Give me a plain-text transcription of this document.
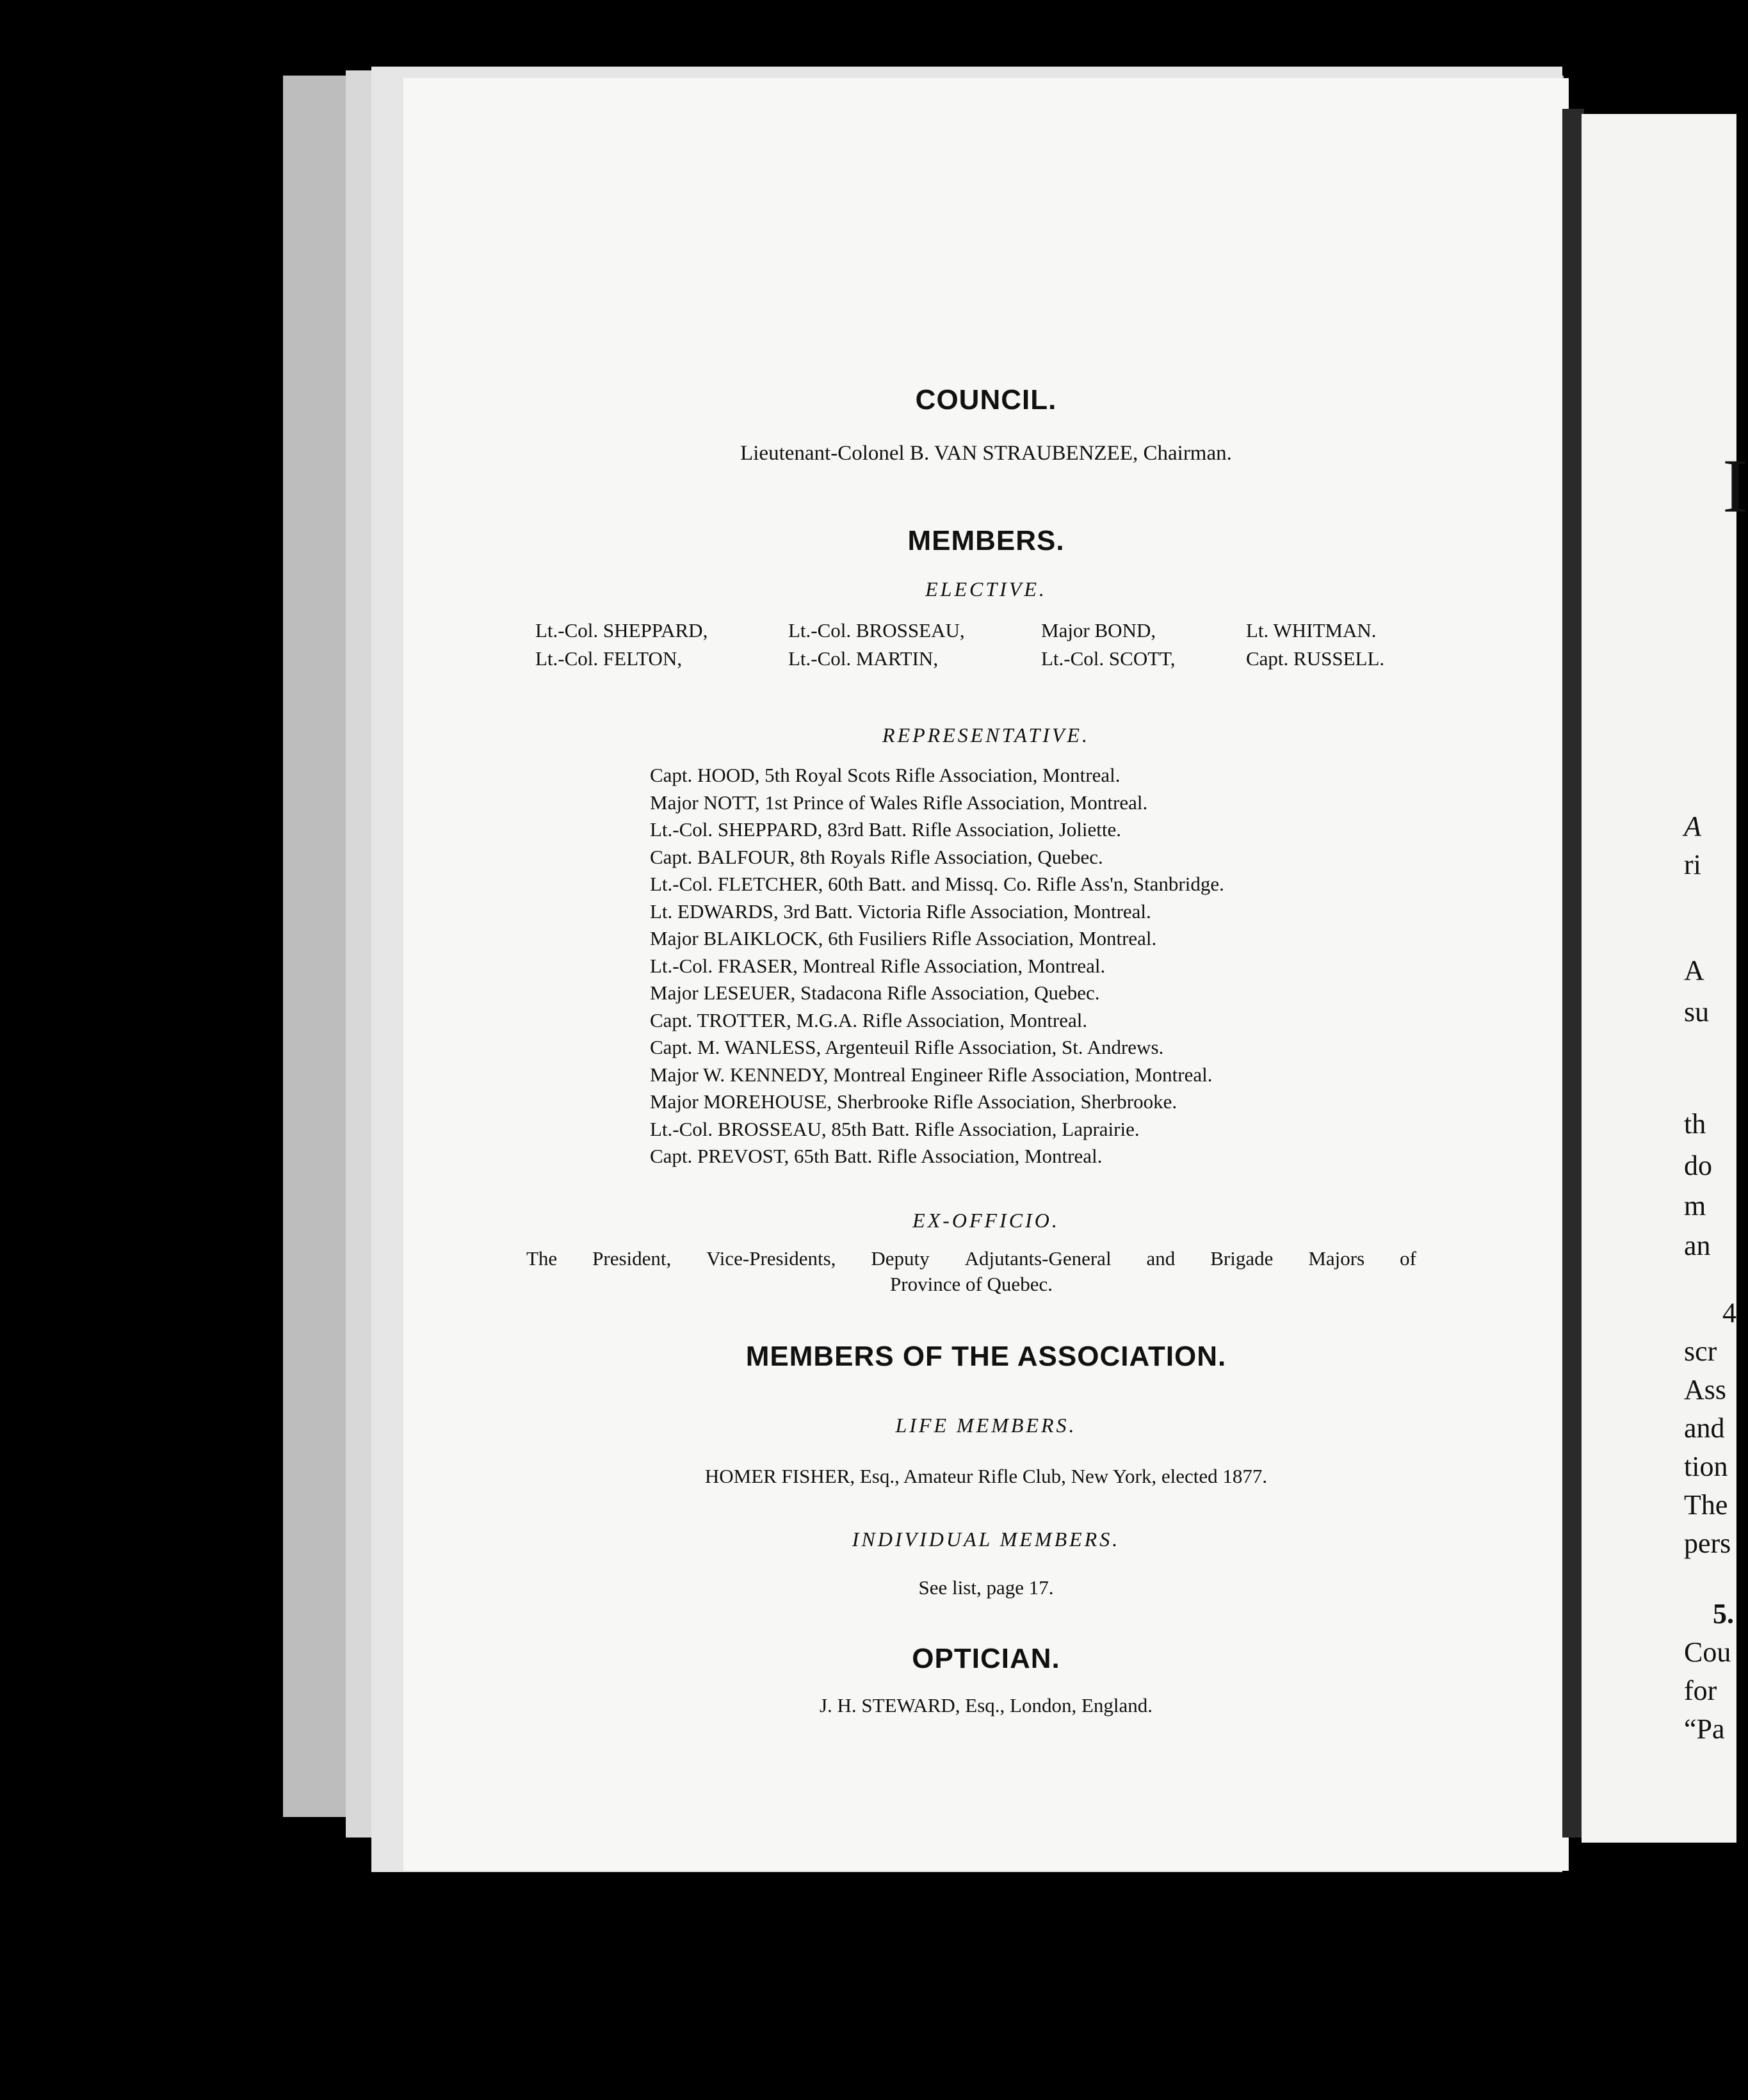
COUNCIL.
Lieutenant-Colonel B. VAN STRAUBENZEE, Chairman.
MEMBERS.
ELECTIVE.
Lt.-Col. SHEPPARD,	Lt.-Col. BROSSEAU,	Major BOND,	Lt. WHITMAN.
Lt.-Col. FELTON,	Lt.-Col. MARTIN,	Lt.-Col. SCOTT,	Capt. RUSSELL.
REPRESENTATIVE.
Capt. HOOD, 5th Royal Scots Rifle Association, Montreal.
Major NOTT, 1st Prince of Wales Rifle Association, Montreal.
Lt.-Col. SHEPPARD, 83rd Batt. Rifle Association, Joliette.
Capt. BALFOUR, 8th Royals Rifle Association, Quebec.
Lt.-Col. FLETCHER, 60th Batt. and Missq. Co. Rifle Ass'n, Stanbridge.
Lt. EDWARDS, 3rd Batt. Victoria Rifle Association, Montreal.
Major BLAIKLOCK, 6th Fusiliers Rifle Association, Montreal.
Lt.-Col. FRASER, Montreal Rifle Association, Montreal.
Major LESEUER, Stadacona Rifle Association, Quebec.
Capt. TROTTER, M.G.A. Rifle Association, Montreal.
Capt. M. WANLESS, Argenteuil Rifle Association, St. Andrews.
Major W. KENNEDY, Montreal Engineer Rifle Association, Montreal.
Major MOREHOUSE, Sherbrooke Rifle Association, Sherbrooke.
Lt.-Col. BROSSEAU, 85th Batt. Rifle Association, Laprairie.
Capt. PREVOST, 65th Batt. Rifle Association, Montreal.
EX-OFFICIO.
The President, Vice-Presidents, Deputy Adjutants-General and Brigade Majors of
Province of Quebec.
MEMBERS OF THE ASSOCIATION.
LIFE MEMBERS.
HOMER FISHER, Esq., Amateur Rifle Club, New York, elected 1877.
INDIVIDUAL MEMBERS.
See list, page 17.
OPTICIAN.
J. H. STEWARD, Esq., London, England.
I
A
ri
A
su
th
do
m
an
4
scr
Ass
and
tion
The
pers
5.
Cou
for
“Pa
